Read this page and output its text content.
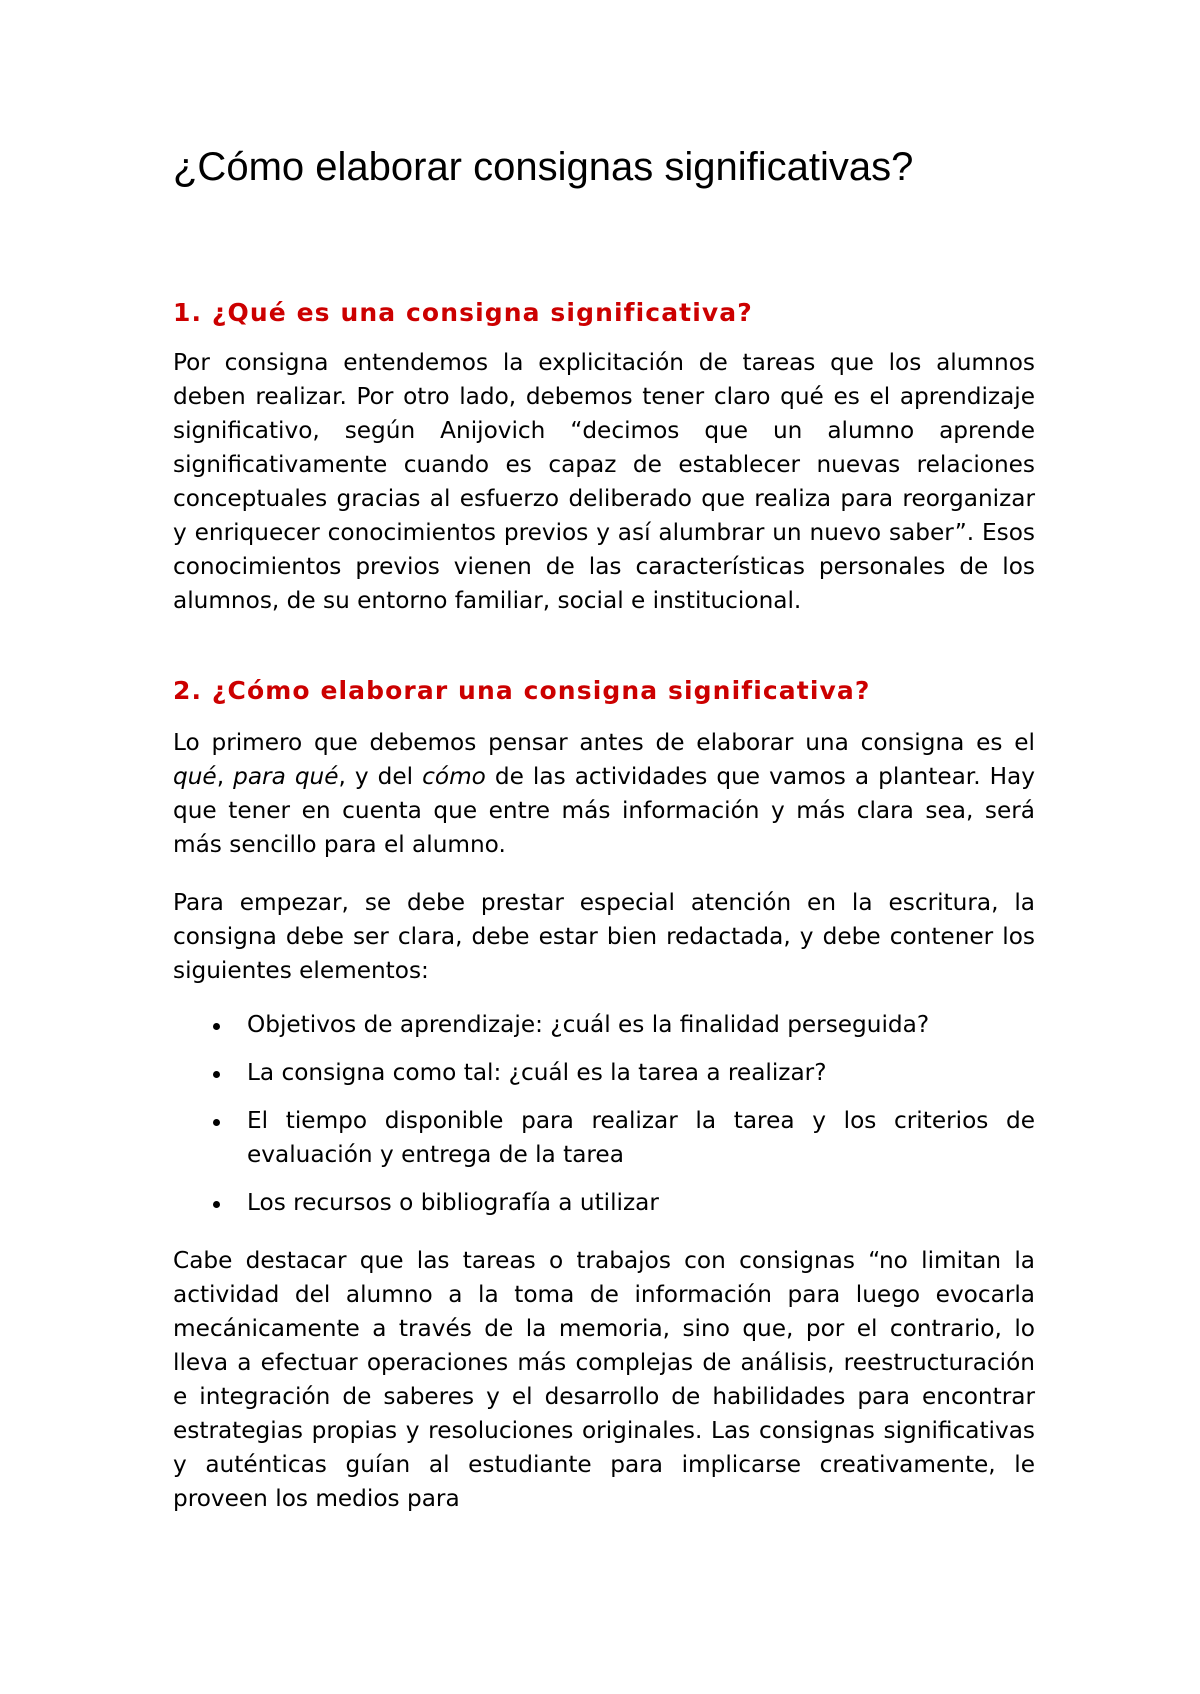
¿Cómo elaborar consignas significativas?
1. ¿Qué es una consigna significativa?

Por consigna entendemos la explicitación de tareas que los alumnos deben realizar. Por otro lado, debemos tener claro qué es el aprendizaje significativo, según Anijovich “decimos que un alumno aprende significativamente cuando es capaz de establecer nuevas relaciones conceptuales gracias al esfuerzo deliberado que realiza para reorganizar y enriquecer conocimientos previos y así alumbrar un nuevo saber”. Esos conocimientos previos vienen de las características personales de los alumnos, de su entorno familiar, social e institucional.

2. ¿Cómo elaborar una consigna significativa?

Lo primero que debemos pensar antes de elaborar una consigna es el qué, para qué, y del cómo de las actividades que vamos a plantear. Hay que tener en cuenta que entre más información y más clara sea, será más sencillo para el alumno.

Para empezar, se debe prestar especial atención en la escritura, la consigna debe ser clara, debe estar bien redactada, y debe contener los siguientes elementos:

Objetivos de aprendizaje: ¿cuál es la finalidad perseguida?
La consigna como tal: ¿cuál es la tarea a realizar?
El tiempo disponible para realizar la tarea y los criterios de evaluación y entrega de la tarea
Los recursos o bibliografía a utilizar

Cabe destacar que las tareas o trabajos con consignas “no limitan la actividad del alumno a la toma de información para luego evocarla mecánicamente a través de la memoria, sino que, por el contrario, lo lleva a efectuar operaciones más complejas de análisis, reestructuración e integración de saberes y el desarrollo de habilidades para encontrar estrategias propias y resoluciones originales. Las consignas significativas y auténticas guían al estudiante para implicarse creativamente, le proveen los medios para
